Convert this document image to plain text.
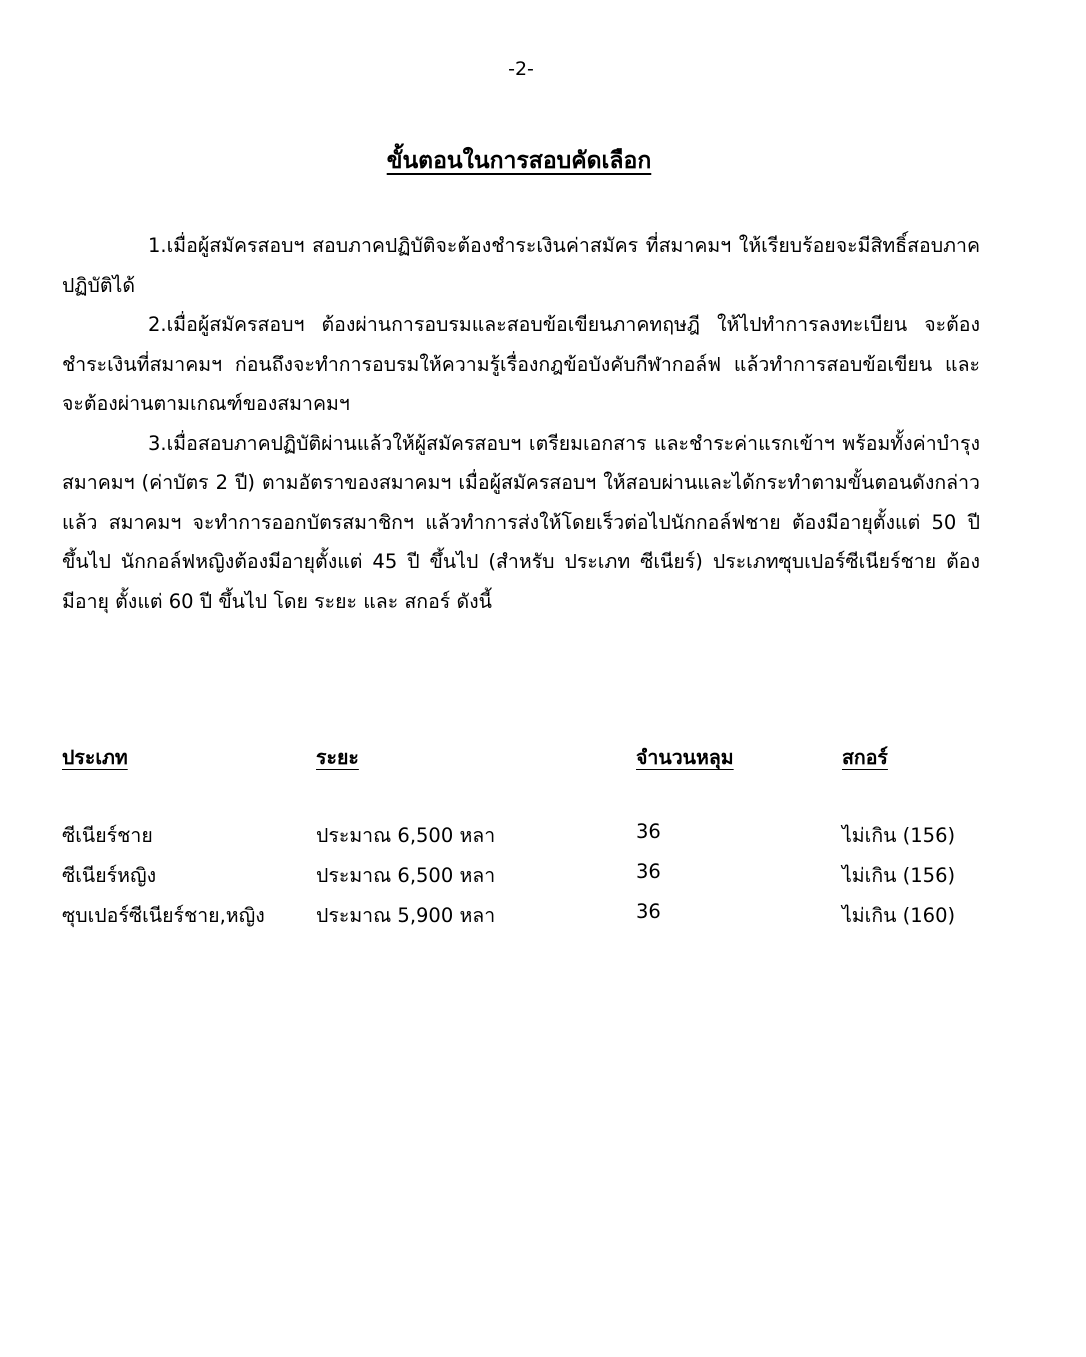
-2-
ขั้นตอนในการสอบคัดเลือก

1.เมื่อผู้สมัครสอบฯ สอบภาคปฏิบัติจะต้องชำระเงินค่าสมัคร ที่สมาคมฯ ให้เรียบร้อยจะมีสิทธิ์สอบภาคปฏิบัติได้

2.เมื่อผู้สมัครสอบฯ ต้องผ่านการอบรมและสอบข้อเขียนภาคทฤษฎี ให้ไปทำการลงทะเบียน จะต้องชำระเงินที่สมาคมฯ ก่อนถึงจะทำการอบรมให้ความรู้เรื่องกฎข้อบังคับกีฬากอล์ฟ แล้วทำการสอบข้อเขียน และจะต้องผ่านตามเกณฑ์ของสมาคมฯ

3.เมื่อสอบภาคปฏิบัติผ่านแล้วให้ผู้สมัครสอบฯ เตรียมเอกสาร และชำระค่าแรกเข้าฯ พร้อมทั้งค่าบำรุงสมาคมฯ (ค่าบัตร 2 ปี) ตามอัตราของสมาคมฯ เมื่อผู้สมัครสอบฯ ให้สอบผ่านและได้กระทำตามขั้นตอนดังกล่าวแล้ว สมาคมฯ จะทำการออกบัตรสมาชิกฯ แล้วทำการส่งให้โดยเร็วต่อไปนักกอล์ฟชาย ต้องมีอายุตั้งแต่ 50 ปี ขึ้นไป นักกอล์ฟหญิงต้องมีอายุตั้งแต่ 45 ปี ขึ้นไป (สำหรับ ประเภท ซีเนียร์) ประเภทซุบเปอร์ซีเนียร์ชาย ต้องมีอายุ ตั้งแต่ 60 ปี ขึ้นไป โดย ระยะ และ สกอร์ ดังนี้

ประเภท	ระยะ	จำนวนหลุม	สกอร์

ซีเนียร์ชาย	ประมาณ 6,500 หลา	36	ไม่เกิน (156)
ซีเนียร์หญิง	ประมาณ 6,500 หลา	36	ไม่เกิน (156)
ซุบเปอร์ซีเนียร์ชาย,หญิง	ประมาณ 5,900 หลา	36	ไม่เกิน (160)
